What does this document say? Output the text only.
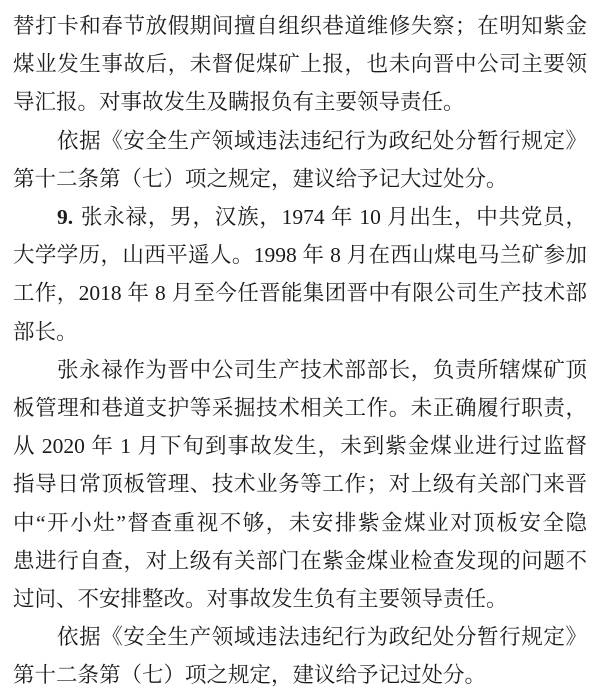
替打卡和春节放假期间擅自组织巷道维修失察；在明知紫金
煤业发生事故后，未督促煤矿上报，也未向晋中公司主要领
导汇报。对事故发生及瞒报负有主要领导责任。
依据《安全生产领域违法违纪行为政纪处分暂行规定》
第十二条第（七）项之规定，建议给予记大过处分。
9. 张永禄，男，汉族，1974 年 10 月出生，中共党员，
大学学历，山西平遥人。1998 年 8 月在西山煤电马兰矿参加
工作，2018 年 8 月至今任晋能集团晋中有限公司生产技术部
部长。
张永禄作为晋中公司生产技术部部长，负责所辖煤矿顶
板管理和巷道支护等采掘技术相关工作。未正确履行职责，
从 2020 年 1 月下旬到事故发生，未到紫金煤业进行过监督
指导日常顶板管理、技术业务等工作；对上级有关部门来晋
中“开小灶”督查重视不够，未安排紫金煤业对顶板安全隐
患进行自查，对上级有关部门在紫金煤业检查发现的问题不
过问、不安排整改。对事故发生负有主要领导责任。
依据《安全生产领域违法违纪行为政纪处分暂行规定》
第十二条第（七）项之规定，建议给予记过处分。
